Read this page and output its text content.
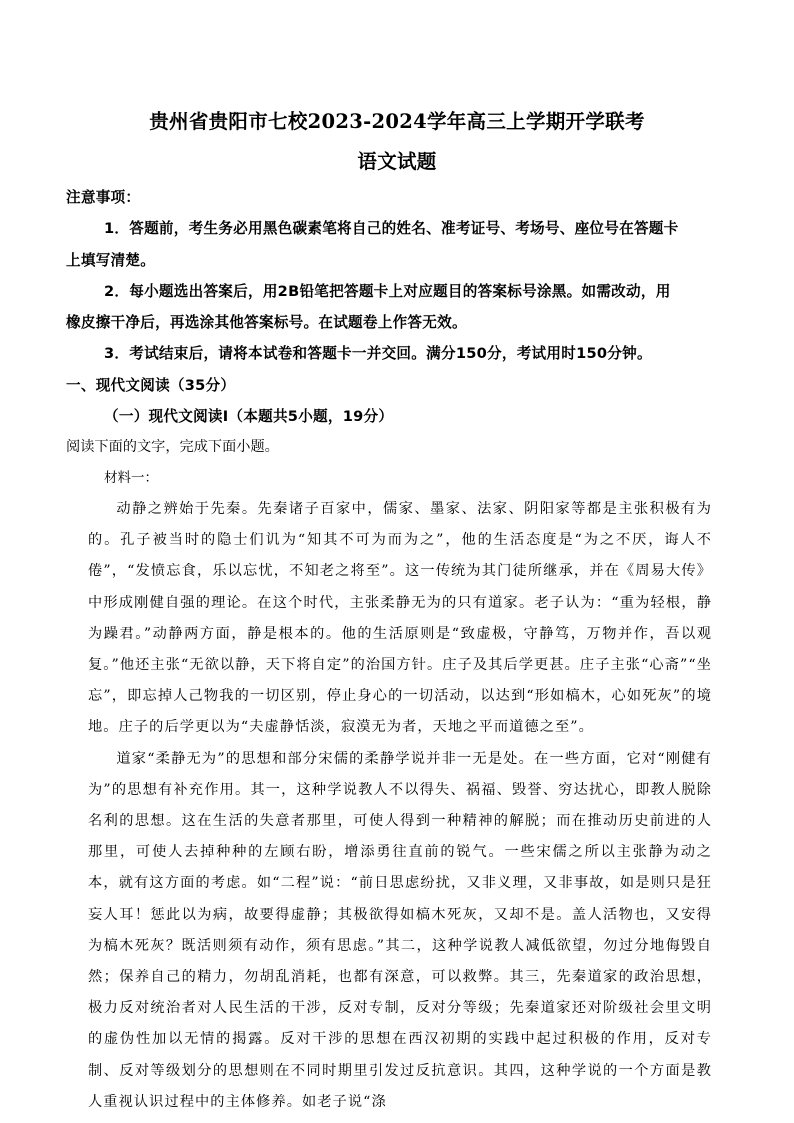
贵州省贵阳市七校2023-2024学年高三上学期开学联考
语文试题
注意事项：
1．答题前，考生务必用黑色碳素笔将自己的姓名、准考证号、考场号、座位号在答题卡
上填写清楚。
2．每小题选出答案后，用2B铅笔把答题卡上对应题目的答案标号涂黑。如需改动，用
橡皮擦干净后，再选涂其他答案标号。在试题卷上作答无效。
3．考试结束后，请将本试卷和答题卡一并交回。满分150分，考试用时150分钟。
一、现代文阅读（35分）
（一）现代文阅读Ⅰ（本题共5小题，19分）
阅读下面的文字，完成下面小题。
材料一：

动静之辨始于先秦。先秦诸子百家中，儒家、墨家、法家、阴阳家等都是主张积极有为的。孔子被当时的隐士们讥为“知其不可为而为之”，他的生活态度是“为之不厌，诲人不倦”，“发愤忘食，乐以忘忧，不知老之将至”。这一传统为其门徒所继承，并在《周易大传》中形成刚健自强的理论。在这个时代，主张柔静无为的只有道家。老子认为：“重为轻根，静为躁君。”动静两方面，静是根本的。他的生活原则是“致虚极，守静笃，万物并作，吾以观复。”他还主张“无欲以静，天下将自定”的治国方针。庄子及其后学更甚。庄子主张“心斋”“坐忘”，即忘掉人己物我的一切区别，停止身心的一切活动，以达到“形如槁木，心如死灰”的境地。庄子的后学更以为“夫虚静恬淡，寂漠无为者，天地之平而道德之至”。

道家“柔静无为”的思想和部分宋儒的柔静学说并非一无是处。在一些方面，它对“刚健有为”的思想有补充作用。其一，这种学说教人不以得失、祸福、毁誉、穷达扰心，即教人脱除名利的思想。这在生活的失意者那里，可使人得到一种精神的解脱；而在推动历史前进的人那里，可使人去掉种种的左顾右盼，增添勇往直前的锐气。一些宋儒之所以主张静为动之本，就有这方面的考虑。如“二程”说：“前日思虑纷扰，又非义理，又非事故，如是则只是狂妄人耳！惩此以为病，故要得虚静；其极欲得如槁木死灰，又却不是。盖人活物也，又安得为槁木死灰？既活则须有动作，须有思虑。”其二，这种学说教人减低欲望，勿过分地侮毁自然；保养自己的精力，勿胡乱消耗，也都有深意，可以救弊。其三，先秦道家的政治思想，极力反对统治者对人民生活的干涉，反对专制，反对分等级；先秦道家还对阶级社会里文明的虚伪性加以无情的揭露。反对干涉的思想在西汉初期的实践中起过积极的作用，反对专制、反对等级划分的思想则在不同时期里引发过反抗意识。其四，这种学说的一个方面是教人重视认识过程中的主体修养。如老子说“涤
